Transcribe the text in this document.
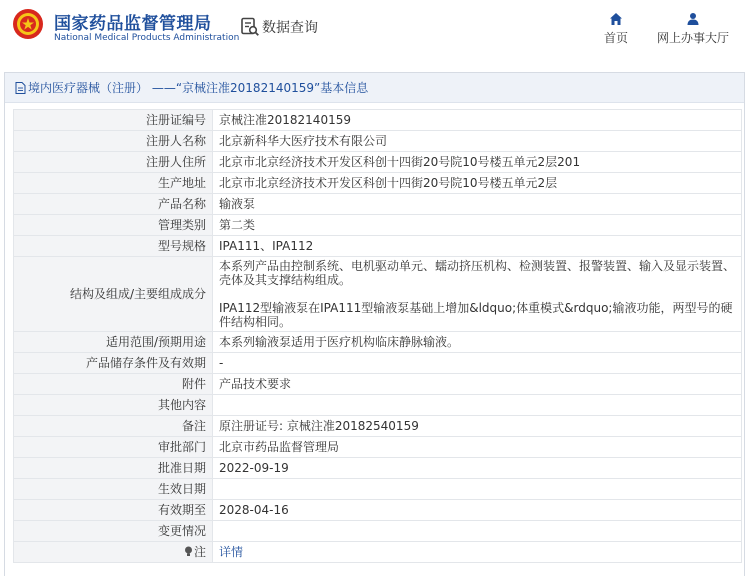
国家药品监督管理局
National Medical Products Administration
数据查询
首页	网上办事大厅
境内医疗器械（注册） ——“京械注准20182140159”基本信息
注册证编号	京械注准20182140159
注册人名称	北京新科华大医疗技术有限公司
注册人住所	北京市北京经济技术开发区科创十四街20号院10号楼五单元2层201
生产地址	北京市北京经济技术开发区科创十四街20号院10号楼五单元2层
产品名称	输液泵
管理类别	第二类
型号规格	IPA111、IPA112
结构及组成/主要组成成分	本系列产品由控制系统、电机驱动单元、蠕动挤压机构、检测装置、报警装置、输入及显示装置、壳体及其支撑结构组成。

IPA112型输液泵在IPA111型输液泵基础上增加&ldquo;体重模式&rdquo;输液功能，两型号的硬件结构相同。

适用范围/预期用途	本系列输液泵适用于医疗机构临床静脉输液。
产品储存条件及有效期	-
附件	产品技术要求
其他内容	
备注	原注册证号: 京械注准20182540159
审批部门	北京市药品监督管理局
批准日期	2022-09-19
生效日期	
有效期至	2028-04-16
变更情况	
注	详情
